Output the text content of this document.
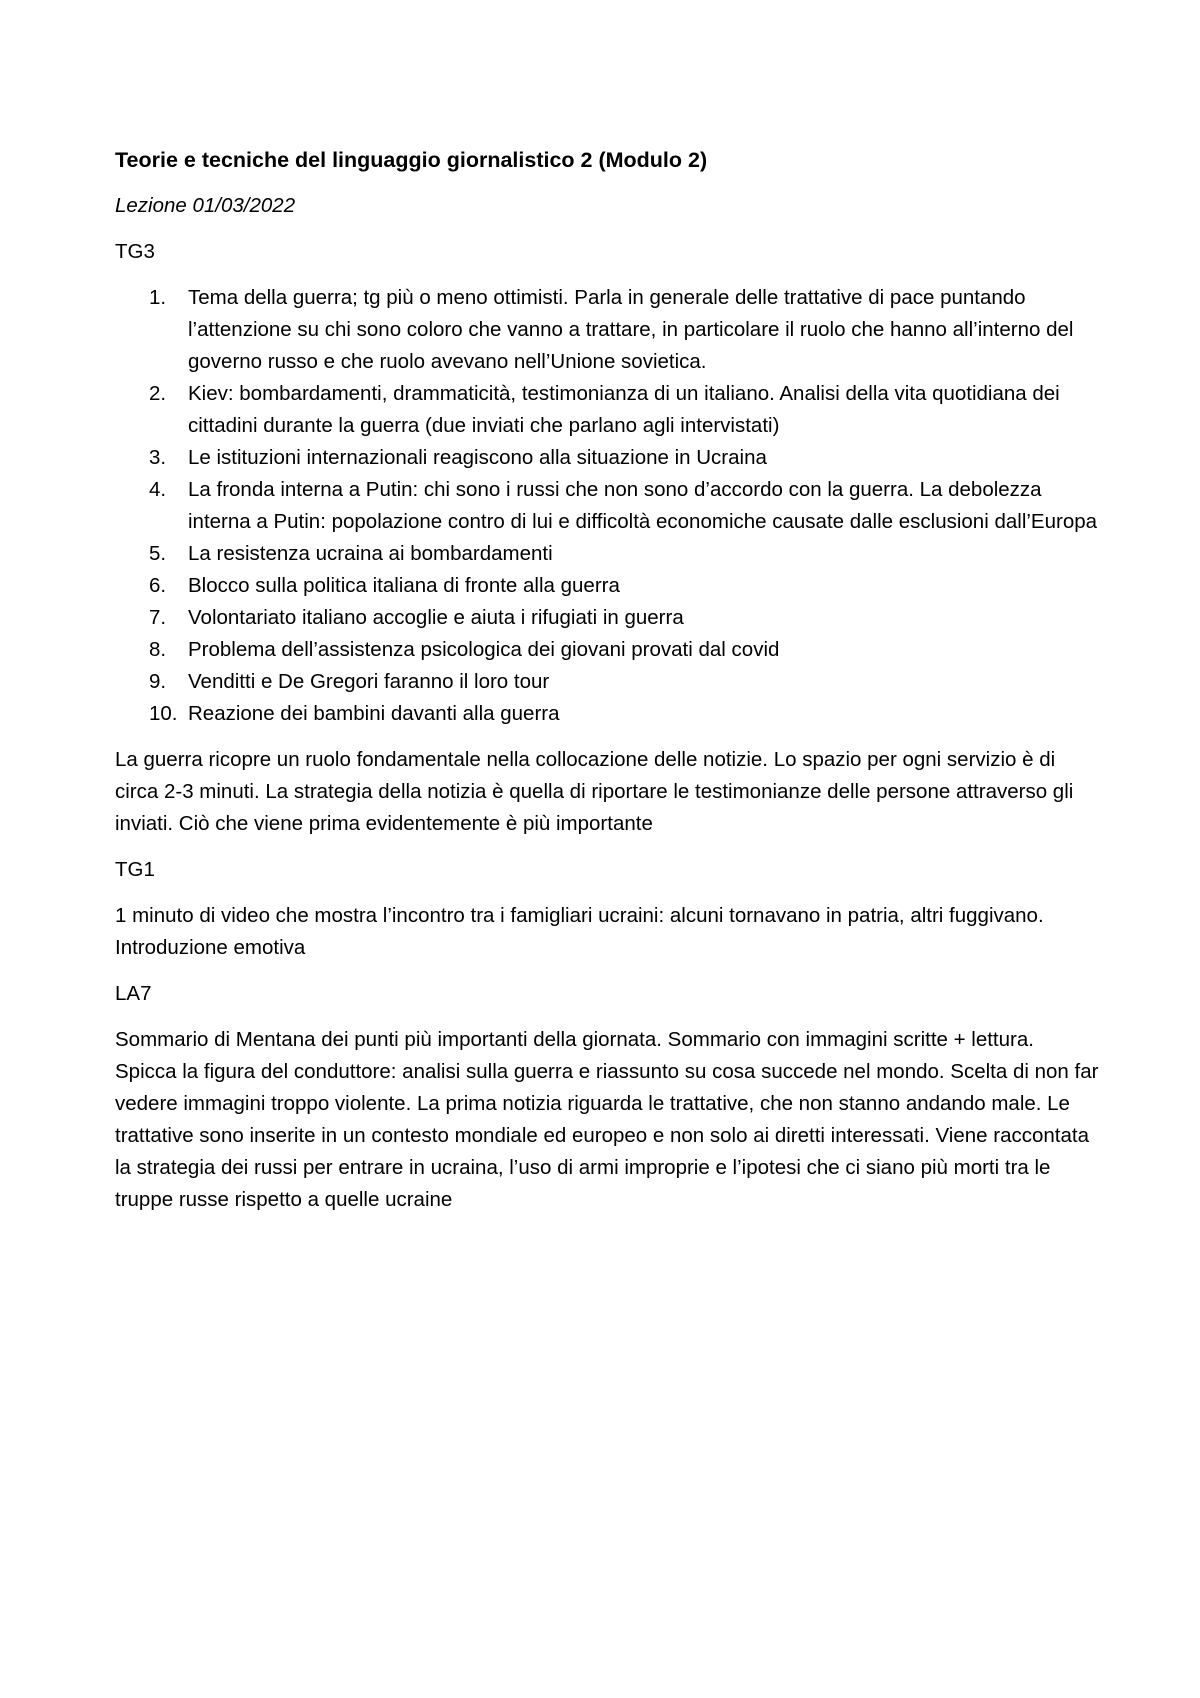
Teorie e tecniche del linguaggio giornalistico 2 (Modulo 2)
Lezione 01/03/2022
TG3
1. Tema della guerra; tg più o meno ottimisti. Parla in generale delle trattative di pace puntando l’attenzione su chi sono coloro che vanno a trattare, in particolare il ruolo che hanno all’interno del governo russo e che ruolo avevano nell’Unione sovietica.
2. Kiev: bombardamenti, drammaticità, testimonianza di un italiano. Analisi della vita quotidiana dei cittadini durante la guerra (due inviati che parlano agli intervistati)
3. Le istituzioni internazionali reagiscono alla situazione in Ucraina
4. La fronda interna a Putin: chi sono i russi che non sono d’accordo con la guerra. La debolezza interna a Putin: popolazione contro di lui e difficoltà economiche causate dalle esclusioni dall’Europa
5. La resistenza ucraina ai bombardamenti
6. Blocco sulla politica italiana di fronte alla guerra
7. Volontariato italiano accoglie e aiuta i rifugiati in guerra
8. Problema dell’assistenza psicologica dei giovani provati dal covid
9. Venditti e De Gregori faranno il loro tour
10. Reazione dei bambini davanti alla guerra

La guerra ricopre un ruolo fondamentale nella collocazione delle notizie. Lo spazio per ogni servizio è di circa 2-3 minuti. La strategia della notizia è quella di riportare le testimonianze delle persone attraverso gli inviati. Ciò che viene prima evidentemente è più importante

TG1

1 minuto di video che mostra l’incontro tra i famigliari ucraini: alcuni tornavano in patria, altri fuggivano. Introduzione emotiva

LA7

Sommario di Mentana dei punti più importanti della giornata. Sommario con immagini scritte + lettura. Spicca la figura del conduttore: analisi sulla guerra e riassunto su cosa succede nel mondo. Scelta di non far vedere immagini troppo violente. La prima notizia riguarda le trattative, che non stanno andando male. Le trattative sono inserite in un contesto mondiale ed europeo e non solo ai diretti interessati. Viene raccontata la strategia dei russi per entrare in ucraina, l’uso di armi improprie e l’ipotesi che ci siano più morti tra le truppe russe rispetto a quelle ucraine
